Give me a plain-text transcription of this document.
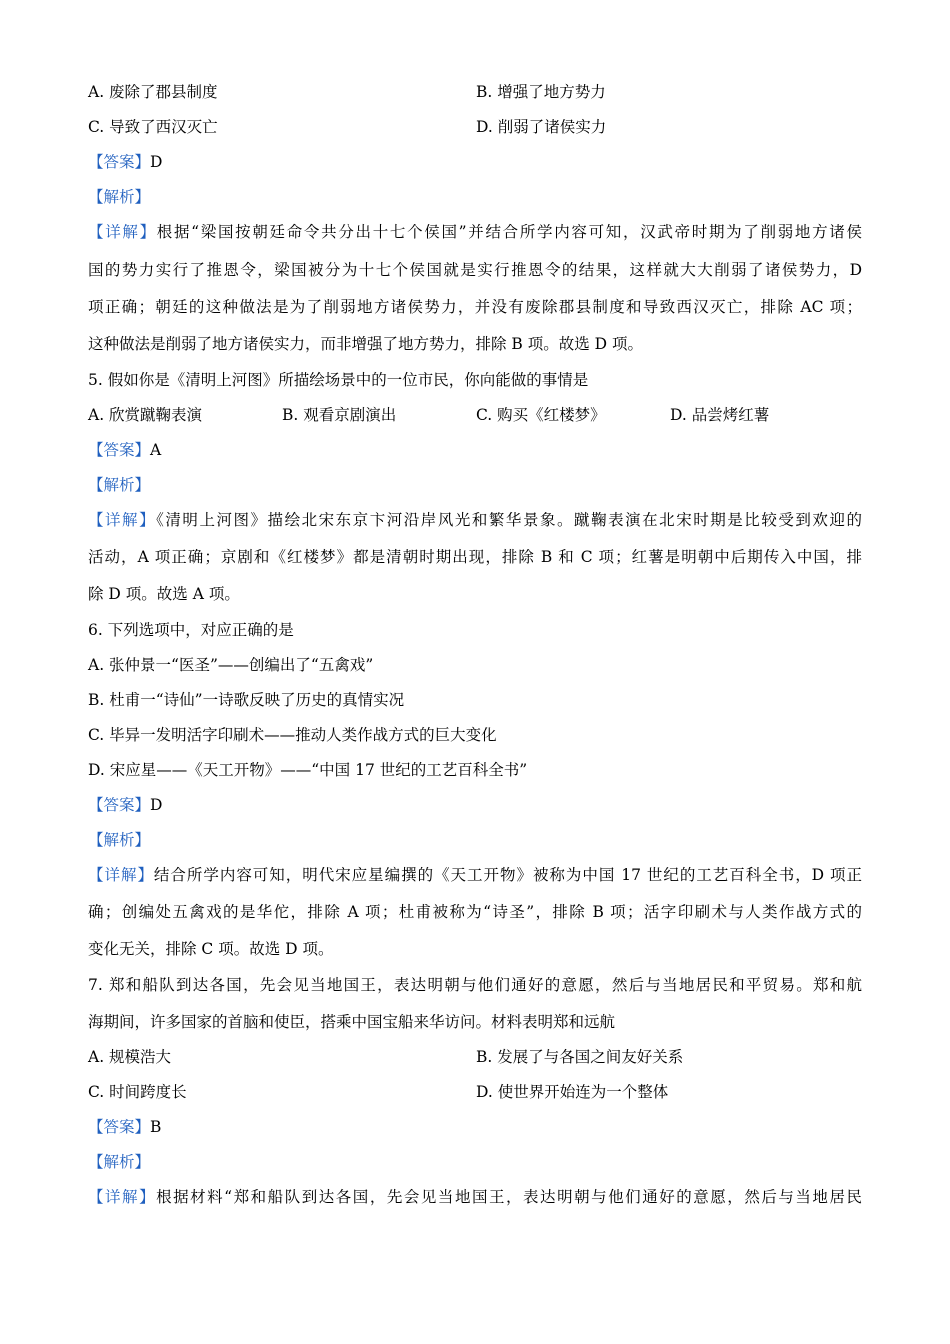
A. 废除了郡县制度	B. 增强了地方势力
C. 导致了西汉灭亡	D. 削弱了诸侯实力
【答案】D
【解析】
【详解】根据“梁国按朝廷命令共分出十七个侯国”并结合所学内容可知，汉武帝时期为了削弱地方诸侯
国的势力实行了推恩令，梁国被分为十七个侯国就是实行推恩令的结果，这样就大大削弱了诸侯势力，D
项正确；朝廷的这种做法是为了削弱地方诸侯势力，并没有废除郡县制度和导致西汉灭亡，排除 AC 项；
这种做法是削弱了地方诸侯实力，而非增强了地方势力，排除 B 项。故选 D 项。
5. 假如你是《清明上河图》所描绘场景中的一位市民，你向能做的事情是
A. 欣赏蹴鞠表演	B. 观看京剧演出	C. 购买《红楼梦》	D. 品尝烤红薯
【答案】A
【解析】
【详解】《清明上河图》描绘北宋东京卞河沿岸风光和繁华景象。蹴鞠表演在北宋时期是比较受到欢迎的
活动，A 项正确；京剧和《红楼梦》都是清朝时期出现，排除 B 和 C 项；红薯是明朝中后期传入中国，排
除 D 项。故选 A 项。
6. 下列选项中，对应正确的是
A. 张仲景一“医圣”——创编出了“五禽戏”
B. 杜甫一“诗仙”一诗歌反映了历史的真情实况
C. 毕异一发明活字印刷术——推动人类作战方式的巨大变化
D. 宋应星——《天工开物》——“中国 17 世纪的工艺百科全书”
【答案】D
【解析】
【详解】结合所学内容可知，明代宋应星编撰的《天工开物》被称为中国 17 世纪的工艺百科全书，D 项正
确；创编处五禽戏的是华佗，排除 A 项；杜甫被称为“诗圣”，排除 B 项；活字印刷术与人类作战方式的
变化无关，排除 C 项。故选 D 项。
7. 郑和船队到达各国，先会见当地国王，表达明朝与他们通好的意愿，然后与当地居民和平贸易。郑和航
海期间，许多国家的首脑和使臣，搭乘中国宝船来华访问。材料表明郑和远航
A. 规模浩大	B. 发展了与各国之间友好关系
C. 时间跨度长	D. 使世界开始连为一个整体
【答案】B
【解析】
【详解】根据材料“郑和船队到达各国，先会见当地国王，表达明朝与他们通好的意愿，然后与当地居民
